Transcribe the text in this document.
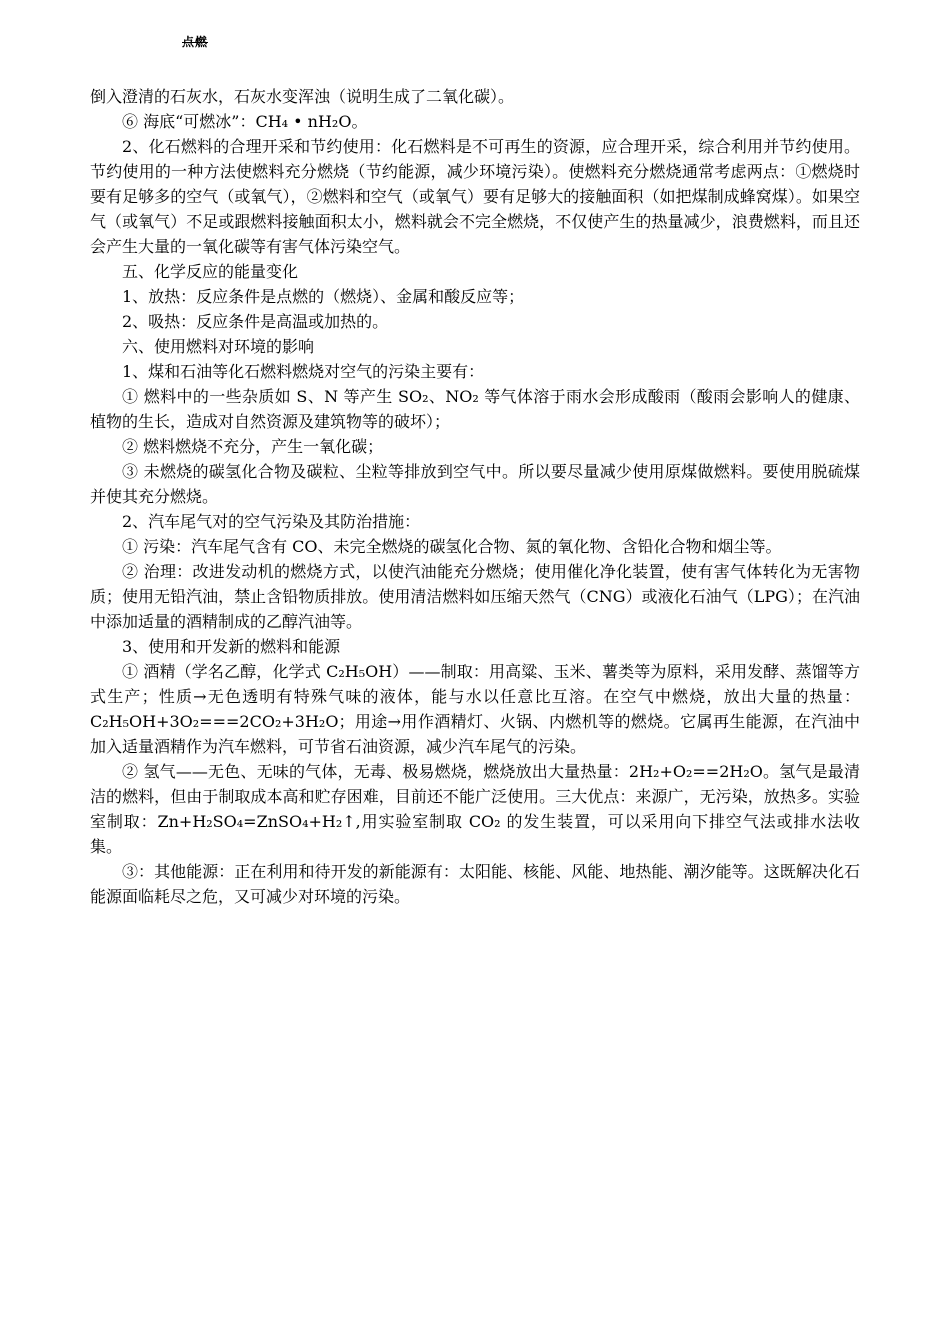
点燃

倒入澄清的石灰水，石灰水变浑浊（说明生成了二氧化碳）。

⑥ 海底“可燃冰”：CH₄ • nH₂O。

2、化石燃料的合理开采和节约使用：化石燃料是不可再生的资源，应合理开采，综合利用并节约使用。节约使用的一种方法使燃料充分燃烧（节约能源，减少环境污染）。使燃料充分燃烧通常考虑两点：①燃烧时要有足够多的空气（或氧气），②燃料和空气（或氧气）要有足够大的接触面积（如把煤制成蜂窝煤）。如果空气（或氧气）不足或跟燃料接触面积太小，燃料就会不完全燃烧，不仅使产生的热量减少，浪费燃料，而且还会产生大量的一氧化碳等有害气体污染空气。

五、化学反应的能量变化

1、放热：反应条件是点燃的（燃烧）、金属和酸反应等；

2、吸热：反应条件是高温或加热的。

六、使用燃料对环境的影响

1、煤和石油等化石燃料燃烧对空气的污染主要有：

① 燃料中的一些杂质如 S、N 等产生 SO₂、NO₂ 等气体溶于雨水会形成酸雨（酸雨会影响人的健康、植物的生长，造成对自然资源及建筑物等的破坏）；

② 燃料燃烧不充分，产生一氧化碳；

③ 未燃烧的碳氢化合物及碳粒、尘粒等排放到空气中。所以要尽量减少使用原煤做燃料。要使用脱硫煤并使其充分燃烧。

2、汽车尾气对的空气污染及其防治措施：

① 污染：汽车尾气含有 CO、未完全燃烧的碳氢化合物、氮的氧化物、含铅化合物和烟尘等。

② 治理：改进发动机的燃烧方式，以使汽油能充分燃烧；使用催化净化装置，使有害气体转化为无害物质；使用无铅汽油，禁止含铅物质排放。使用清洁燃料如压缩天然气（CNG）或液化石油气（LPG）；在汽油中添加适量的酒精制成的乙醇汽油等。

3、使用和开发新的燃料和能源

① 酒精（学名乙醇，化学式 C₂H₅OH）——制取：用高粱、玉米、薯类等为原料，采用发酵、蒸馏等方式生产；性质→无色透明有特殊气味的液体，能与水以任意比互溶。在空气中燃烧，放出大量的热量：C₂H₅OH+3O₂===2CO₂+3H₂O；用途→用作酒精灯、火锅、内燃机等的燃烧。它属再生能源，在汽油中加入适量酒精作为汽车燃料，可节省石油资源，减少汽车尾气的污染。

② 氢气——无色、无味的气体，无毒、极易燃烧，燃烧放出大量热量：2H₂+O₂==2H₂O。氢气是最清洁的燃料，但由于制取成本高和贮存困难，目前还不能广泛使用。三大优点：来源广，无污染，放热多。实验室制取：Zn+H₂SO₄=ZnSO₄+H₂↑,用实验室制取 CO₂ 的发生装置，可以采用向下排空气法或排水法收集。

③：其他能源：正在利用和待开发的新能源有：太阳能、核能、风能、地热能、潮汐能等。这既解决化石能源面临耗尽之危，又可减少对环境的污染。
